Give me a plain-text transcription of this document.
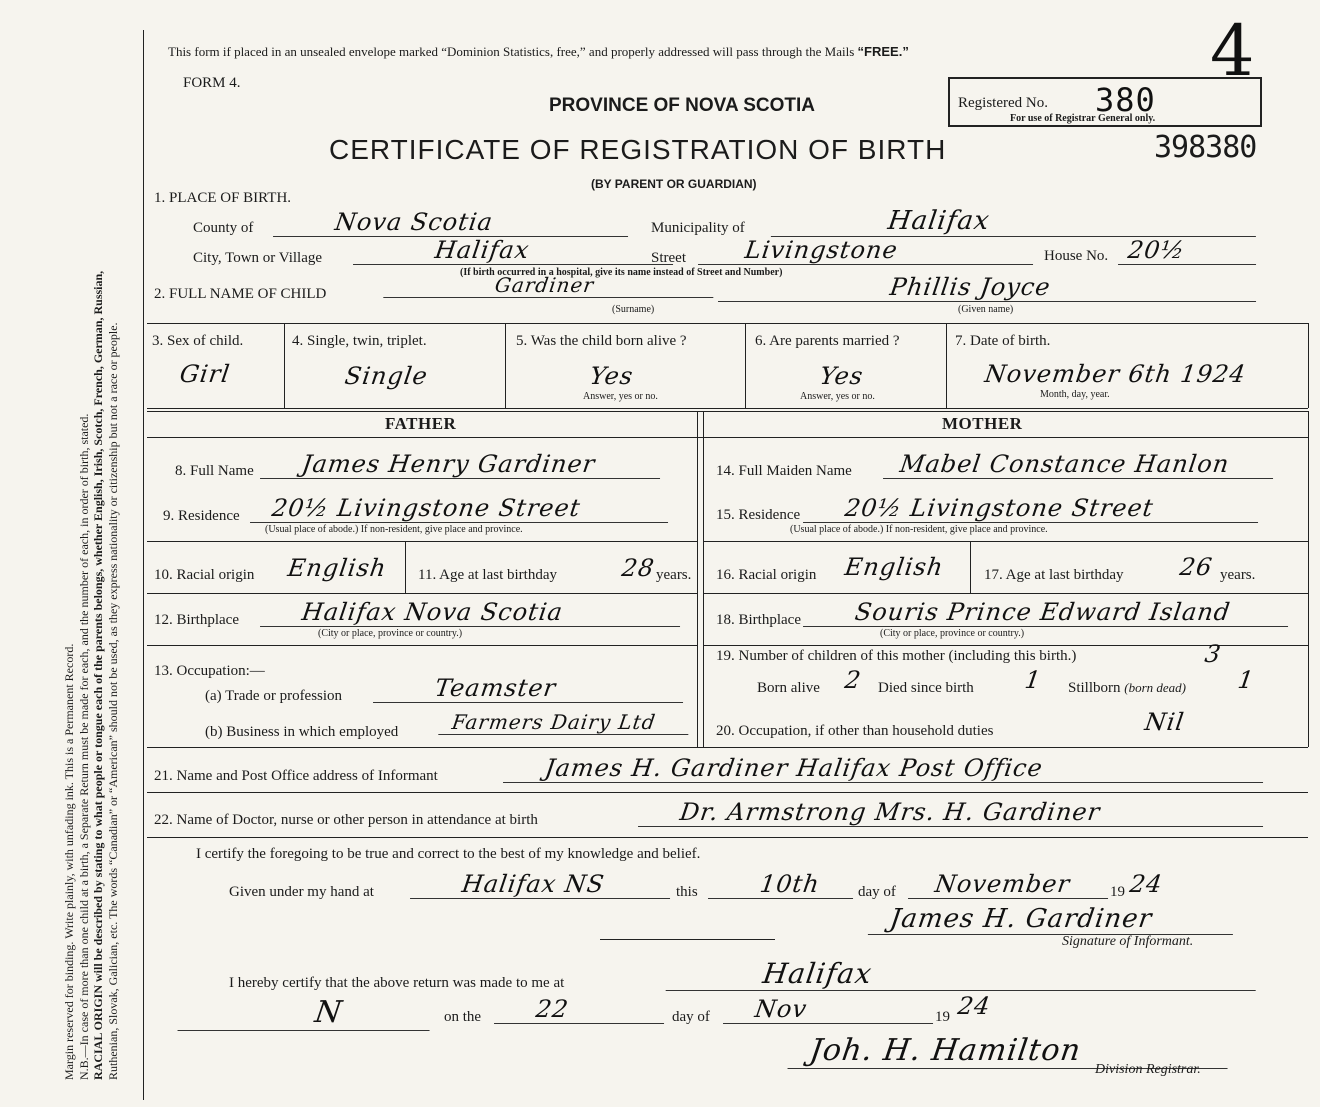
Margin reserved for binding. Write plainly, with unfading ink. This is a Permanent Record. N.B.—In case of more than one child at a birth, a Separate Return must be made for each, and the number of each, in order of birth, stated. RACIAL ORIGIN will be described by stating to what people or tongue each of the parents belongs, whether English, Irish, Scotch, French, German, Russian, Ruthenian, Slovak, Galician, etc. The words “Canadian” or “American” should not be used, as they express nationality or citizenship but not a race or people.
This form if placed in an unsealed envelope marked “Dominion Statistics, free,” and properly addressed will pass through the Mails “FREE.”
FORM 4.
PROVINCE OF NOVA SCOTIA
CERTIFICATE OF REGISTRATION OF BIRTH
(BY PARENT OR GUARDIAN)
Registered No. 380
For use of Registrar General only.
398380
4
1. PLACE OF BIRTH.
County of	Nova Scotia	Municipality of	Halifax
City, Town or Village	Halifax	Street	Livingstone	House No. 20½
(If birth occurred in a hospital, give its name instead of Street and Number)
2. FULL NAME OF CHILD	Gardiner	Phillis Joyce
(Surname)	(Given name)
3. Sex of child.
Girl
4. Single, twin, triplet.
Single
5. Was the child born alive ?
Yes
Answer, yes or no.
6. Are parents married ?
Yes
Answer, yes or no.
7. Date of birth.
November 6th 1924
Month, day, year.
FATHER	MOTHER
8. Full Name	James Henry Gardiner
9. Residence	20½ Livingstone Street
(Usual place of abode.) If non-resident, give place and province.
10. Racial origin English 11. Age at last birthday	28 years.
12. Birthplace	Halifax Nova Scotia
(City or place, province or country.)
13. Occupation:—
(a) Trade or profession	Teamster
(b) Business in which employed	Farmers Dairy Ltd
14. Full Maiden Name	Mabel Constance Hanlon
15. Residence	20½ Livingstone Street
(Usual place of abode.) If non-resident, give place and province.
16. Racial origin English	17. Age at last birthday 26 years.
18. Birthplace	Souris Prince Edward Island
(City or place, province or country.)
19. Number of children of this mother (including this birth.)	3
Born alive 2 Died since birth 1 Stillborn (born dead) 1
20. Occupation, if other than household duties	Nil
21. Name and Post Office address of Informant	James H. Gardiner Halifax Post Office
22. Name of Doctor, nurse or other person in attendance at birth	Dr. Armstrong Mrs. H. Gardiner
I certify the foregoing to be true and correct to the best of my knowledge and belief.
Given under my hand at	Halifax NS	this	10th	day of	November	19 24
James H. Gardiner
Signature of Informant.
I hereby certify that the above return was made to me at	Halifax
N	on the	22	day of	Nov	19 24
Joh. H. Hamilton
Division Registrar.
